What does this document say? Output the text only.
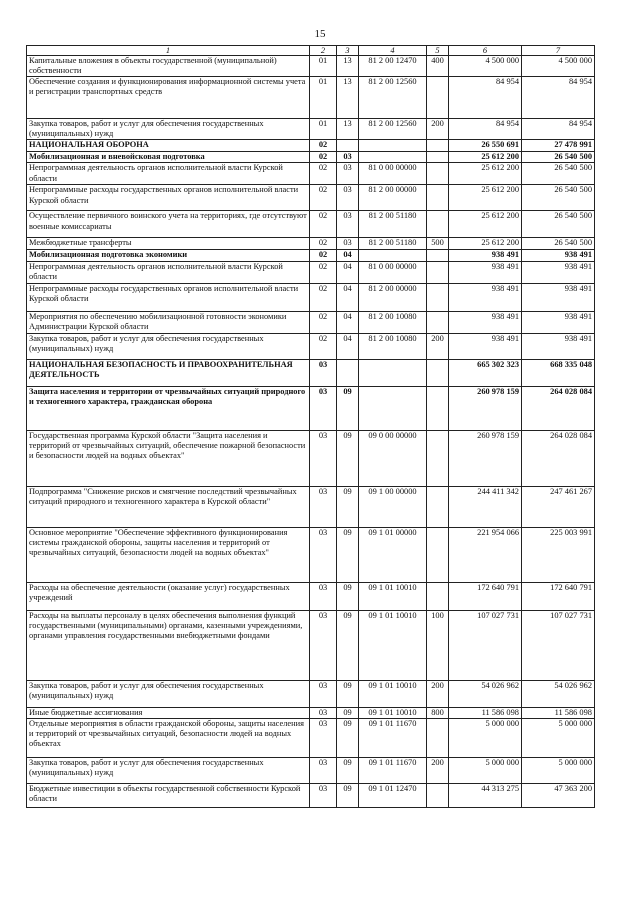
15
1	2	3	4	5	6	7
Капитальные вложения в объекты государственной (муниципальной) собственности	01	13	81 2 00 12470	400	4 500 000	4 500 000
Обеспечение создания и функционирования информационной системы учета и регистрации транспортных средств	01	13	81 2 00 12560		84 954	84 954
Закупка товаров, работ и услуг для обеспечения государственных (муниципальных) нужд	01	13	81 2 00 12560	200	84 954	84 954
НАЦИОНАЛЬНАЯ ОБОРОНА	02				26 550 691	27 478 991
Мобилизационная и вневойсковая подготовка	02	03			25 612 200	26 540 500
Непрограммная деятельность органов исполнительной власти Курской области	02	03	81 0 00 00000		25 612 200	26 540 500
Непрограммные расходы государственных органов исполнительной власти Курской области	02	03	81 2 00 00000		25 612 200	26 540 500
Осуществление первичного воинского учета на территориях, где отсутствуют военные комиссариаты	02	03	81 2 00 51180		25 612 200	26 540 500
Межбюджетные трансферты	02	03	81 2 00 51180	500	25 612 200	26 540 500
Мобилизационная подготовка экономики	02	04			938 491	938 491
Непрограммная деятельность органов исполнительной власти Курской области	02	04	81 0 00 00000		938 491	938 491
Непрограммные расходы государственных органов исполнительной власти Курской области	02	04	81 2 00 00000		938 491	938 491
Мероприятия по обеспечению мобилизационной готовности экономики Администрации Курской области	02	04	81 2 00 10080		938 491	938 491
Закупка товаров, работ и услуг для обеспечения государственных (муниципальных) нужд	02	04	81 2 00 10080	200	938 491	938 491
НАЦИОНАЛЬНАЯ БЕЗОПАСНОСТЬ И ПРАВООХРАНИТЕЛЬНАЯ ДЕЯТЕЛЬНОСТЬ	03				665 302 323	668 335 048
Защита населения и территории от чрезвычайных ситуаций природного и техногенного характера, гражданская оборона	03	09			260 978 159	264 028 084
Государственная программа Курской области "Защита населения и территорий от чрезвычайных ситуаций, обеспечение пожарной безопасности и безопасности людей на водных объектах"	03	09	09 0 00 00000		260 978 159	264 028 084
Подпрограмма "Снижение рисков и смягчение последствий чрезвычайных ситуаций природного и техногенного характера в Курской области"	03	09	09 1 00 00000		244 411 342	247 461 267
Основное мероприятие "Обеспечение эффективного функционирования системы гражданской обороны, защиты населения и территорий от чрезвычайных ситуаций, безопасности людей на водных объектах"	03	09	09 1 01 00000		221 954 066	225 003 991
Расходы на обеспечение деятельности (оказание услуг) государственных учреждений	03	09	09 1 01 10010		172 640 791	172 640 791
Расходы на выплаты персоналу в целях обеспечения выполнения функций государственными (муниципальными) органами, казенными учреждениями, органами управления государственными внебюджетными фондами	03	09	09 1 01 10010	100	107 027 731	107 027 731
Закупка товаров, работ и услуг для обеспечения государственных (муниципальных) нужд	03	09	09 1 01 10010	200	54 026 962	54 026 962
Иные бюджетные ассигнования	03	09	09 1 01 10010	800	11 586 098	11 586 098
Отдельные мероприятия в области гражданской обороны, защиты населения и территорий от чрезвычайных ситуаций, безопасности людей на водных объектах	03	09	09 1 01 11670		5 000 000	5 000 000
Закупка товаров, работ и услуг для обеспечения государственных (муниципальных) нужд	03	09	09 1 01 11670	200	5 000 000	5 000 000
Бюджетные инвестиции в объекты государственной собственности Курской области	03	09	09 1 01 12470		44 313 275	47 363 200
